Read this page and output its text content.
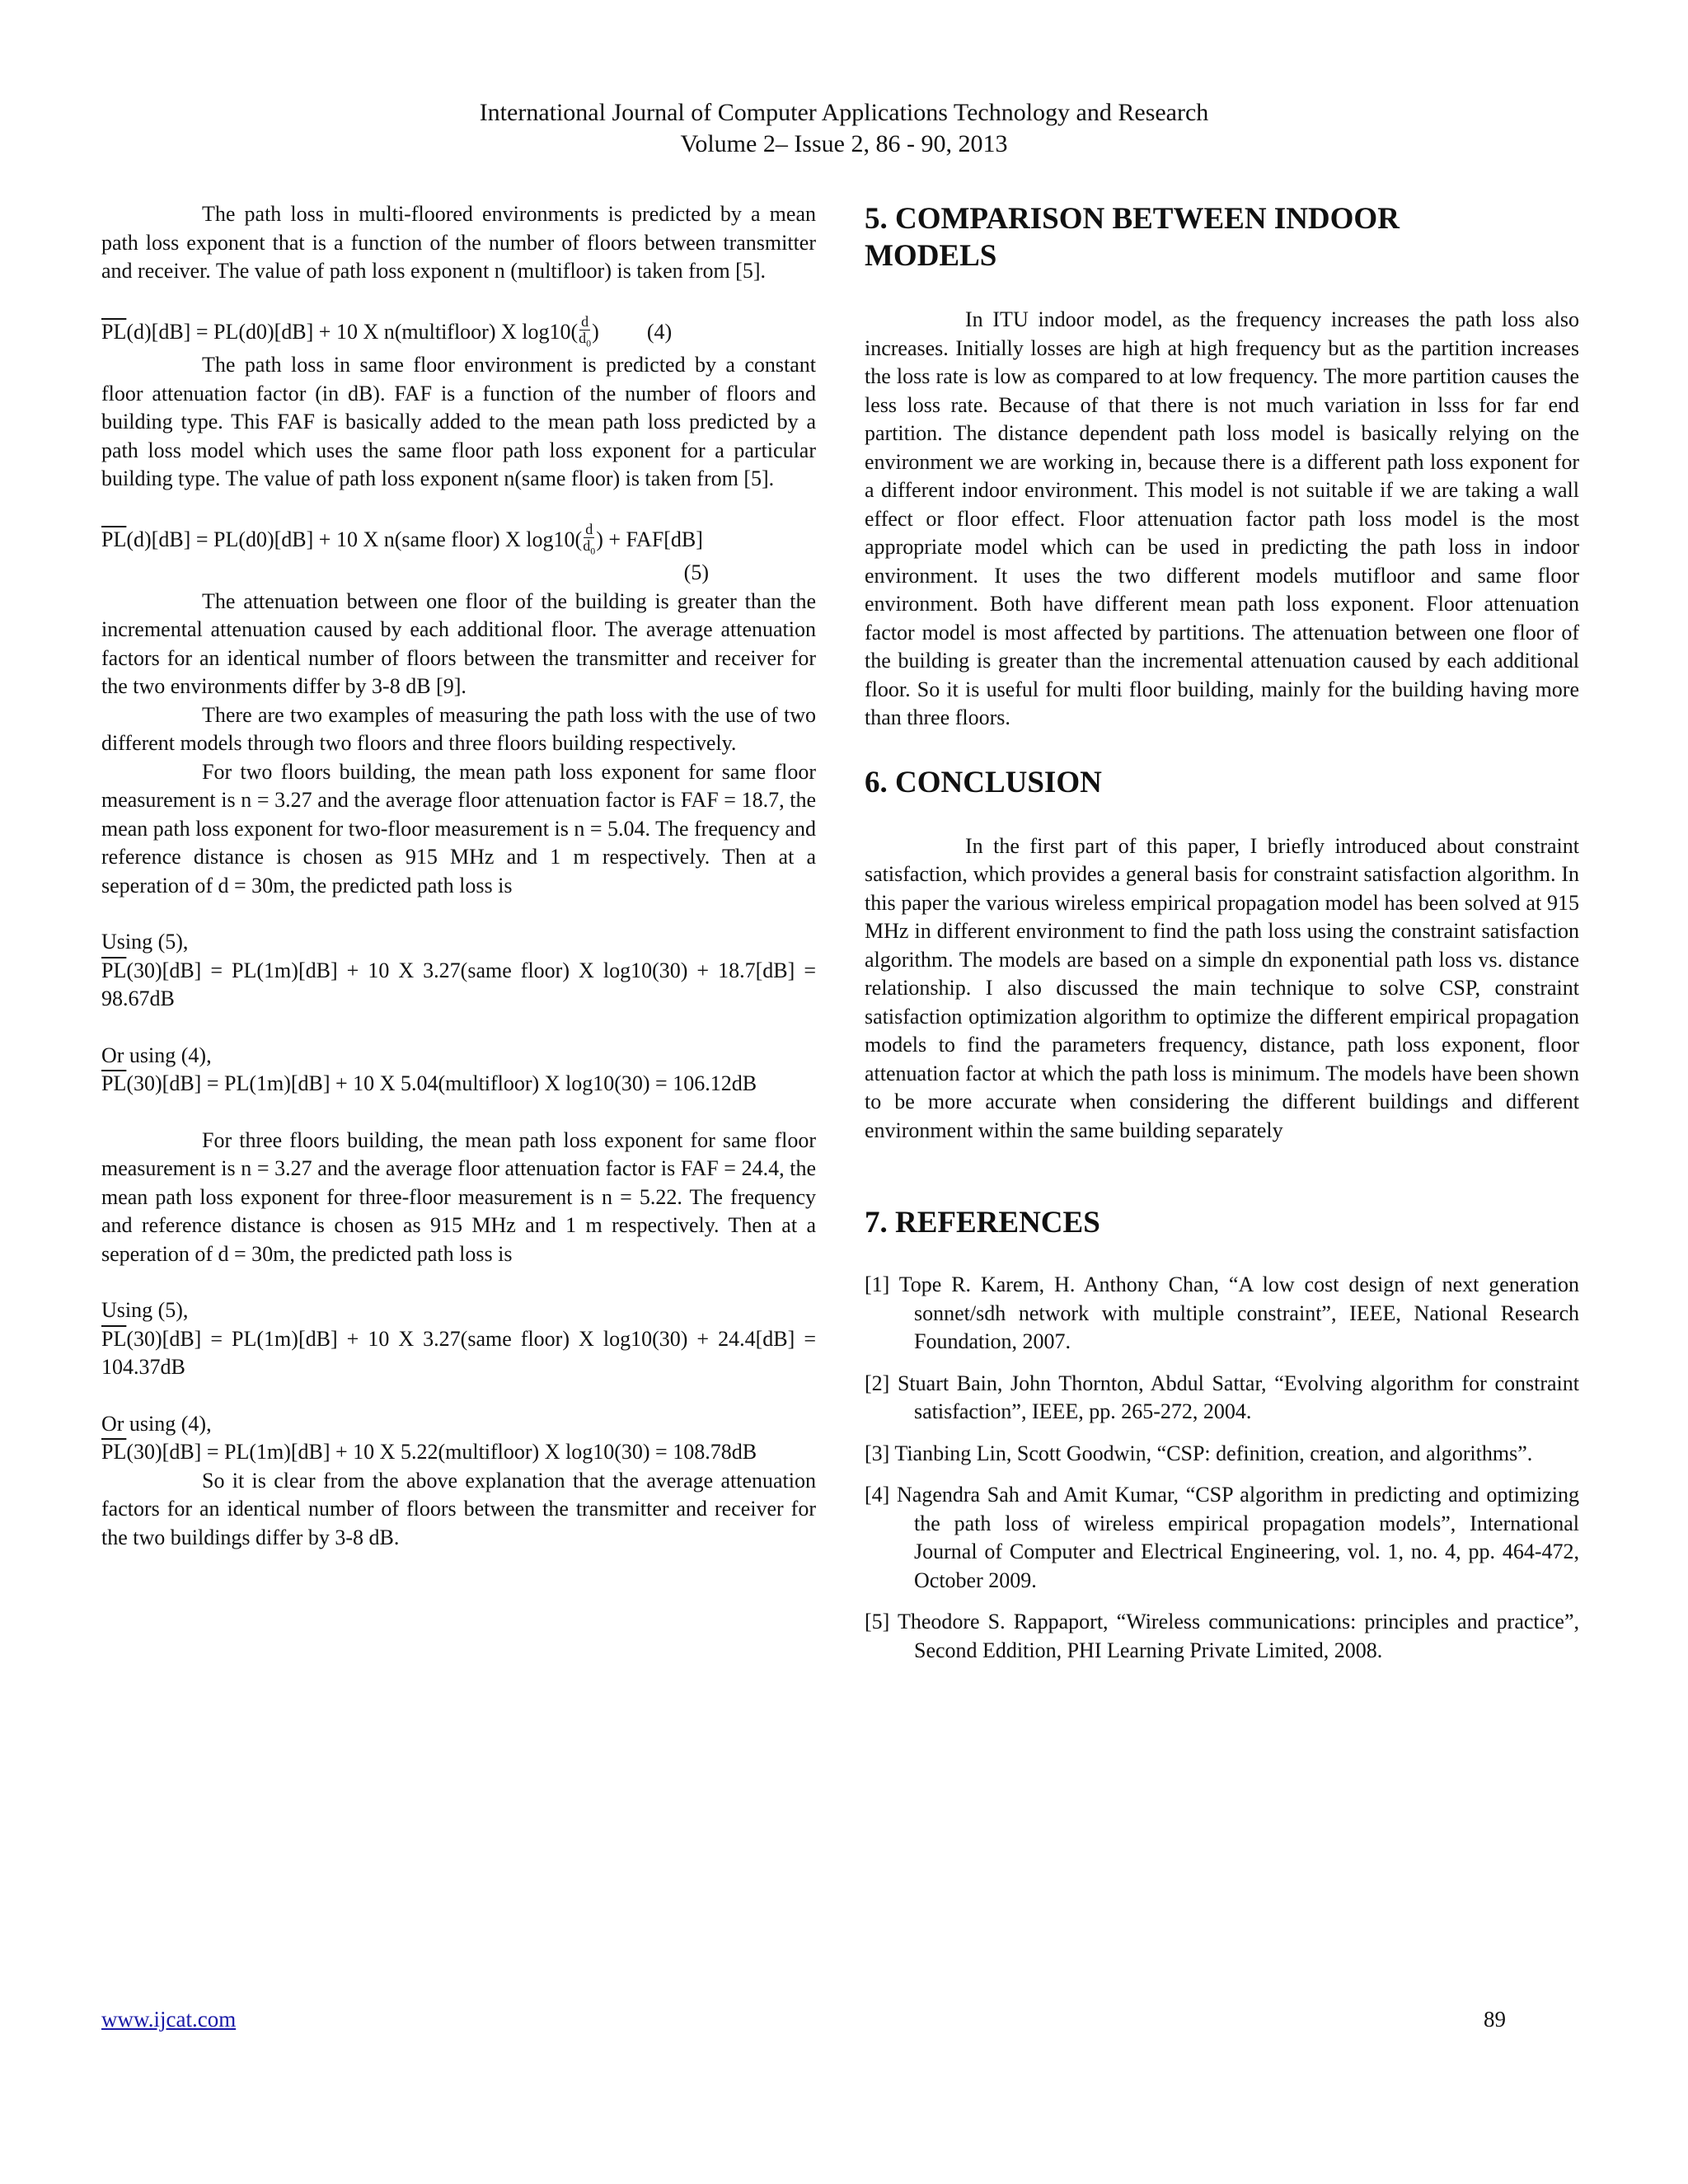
International Journal of Computer Applications Technology and Research
Volume 2– Issue 2, 86 - 90, 2013

The path loss in multi-floored environments is predicted by a mean path loss exponent that is a function of the number of floors between transmitter and receiver. The value of path loss exponent n (multifloor) is taken from [5].

$\overline{PL}$ (d)[dB] = PL(d0)[dB] + 10 X n(multifloor) X $\log 10( \frac{d}{d_0}$ ) (4)

The path loss in same floor environment is predicted by a constant floor attenuation factor (in dB). FAF is a function of the number of floors and building type. This FAF is basically added to the mean path loss predicted by a path loss model which uses the same floor path loss exponent for a particular building type. The value of path loss exponent n(same floor) is taken from [5].

$\overline{PL}$ (d)[dB] = PL(d0)[dB] + 10 X n(same floor) X $\log 10( \frac{d}{d_0}$ ) + FAF[dB]
(5)

The attenuation between one floor of the building is greater than the incremental attenuation caused by each additional floor. The average attenuation factors for an identical number of floors between the transmitter and receiver for the two environments differ by 3-8 dB [9].

There are two examples of measuring the path loss with the use of two different models through two floors and three floors building respectively.

For two floors building, the mean path loss exponent for same floor measurement is n = 3.27 and the average floor attenuation factor is FAF = 18.7, the mean path loss exponent for two-floor measurement is n = 5.04. The frequency and reference distance is chosen as 915 MHz and 1 m respectively. Then at a seperation of d = 30m, the predicted path loss is

Using (5),

$\overline{PL}(30)[dB] = PL(1m)[dB] + 10$ X 3.27(same floor) X log10(30) + 18.7[dB] = 98.67dB

Or using (4),

$\overline{PL}(30)[dB] = PL(1m)[dB] + 10$ X 5.04(multifloor) X log10(30) = 106.12dB

For three floors building, the mean path loss exponent for same floor measurement is n = 3.27 and the average floor attenuation factor is FAF = 24.4, the mean path loss exponent for three-floor measurement is n = 5.22. The frequency and reference distance is chosen as 915 MHz and 1 m respectively. Then at a seperation of d = 30m, the predicted path loss is

Using (5),

$\overline{PL}(30)[dB] = PL(1m)[dB] + 10$ X 3.27(same floor) X log10(30) + 24.4[dB] = 104.37dB

Or using (4),

$\overline{PL}(30)[dB] = PL(1m)[dB] + 10$ X 5.22(multifloor) X log10(30) = 108.78dB

So it is clear from the above explanation that the average attenuation factors for an identical number of floors between the transmitter and receiver for the two buildings differ by 3-8 dB.

5. COMPARISON BETWEEN INDOOR MODELS

In ITU indoor model, as the frequency increases the path loss also increases. Initially losses are high at high frequency but as the partition increases the loss rate is low as compared to at low frequency. The more partition causes the less loss rate. Because of that there is not much variation in lsss for far end partition. The distance dependent path loss model is basically relying on the environment we are working in, because there is a different path loss exponent for a different indoor environment. This model is not suitable if we are taking a wall effect or floor effect. Floor attenuation factor path loss model is the most appropriate model which can be used in predicting the path loss in indoor environment. It uses the two different models mutifloor and same floor environment. Both have different mean path loss exponent. Floor attenuation factor model is most affected by partitions. The attenuation between one floor of the building is greater than the incremental attenuation caused by each additional floor. So it is useful for multi floor building, mainly for the building having more than three floors.

6. CONCLUSION

In the first part of this paper, I briefly introduced about constraint satisfaction, which provides a general basis for constraint satisfaction algorithm. In this paper the various wireless empirical propagation model has been solved at 915 MHz in different environment to find the path loss using the constraint satisfaction algorithm. The models are based on a simple dn exponential path loss vs. distance relationship. I also discussed the main technique to solve CSP, constraint satisfaction optimization algorithm to optimize the different empirical propagation models to find the parameters frequency, distance, path loss exponent, floor attenuation factor at which the path loss is minimum. The models have been shown to be more accurate when considering the different buildings and different environment within the same building separately

7. REFERENCES

[1] Tope R. Karem, H. Anthony Chan, “A low cost design of next generation sonnet/sdh network with multiple constraint”, IEEE, National Research Foundation, 2007.

[2] Stuart Bain, John Thornton, Abdul Sattar, “Evolving algorithm for constraint satisfaction”, IEEE, pp. 265-272, 2004.

[3] Tianbing Lin, Scott Goodwin, “CSP: definition, creation, and algorithms”.

[4] Nagendra Sah and Amit Kumar, “CSP algorithm in predicting and optimizing the path loss of wireless empirical propagation models”, International Journal of Computer and Electrical Engineering, vol. 1, no. 4, pp. 464-472, October 2009.

[5] Theodore S. Rappaport, “Wireless communications: principles and practice”, Second Eddition, PHI Learning Private Limited, 2008.

www.ijcat.com	89
